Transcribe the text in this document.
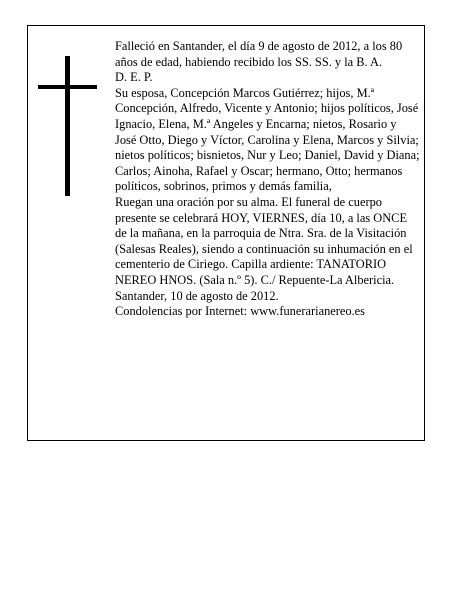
Falleció en Santander, el día 9 de agosto de 2012, a los 80 años de edad, habiendo recibido los SS. SS. y la B. A.

D. E. P.

Su esposa, Concepción Marcos Gutiérrez; hijos, M.ª Concepción, Alfredo, Vicente y Antonio; hijos políticos, José Ignacio, Elena, M.ª Angeles y Encarna; nietos, Rosario y José Otto, Diego y Víctor, Carolina y Elena, Marcos y Silvia; nietos políticos; bisnietos, Nur y Leo; Daniel, David y Diana; Carlos; Ainoha, Rafael y Oscar; hermano, Otto; hermanos políticos, sobrinos, primos y demás familia,

Ruegan una oración por su alma. El funeral de cuerpo presente se celebrará HOY, VIERNES, día 10, a las ONCE de la mañana, en la parroquia de Ntra. Sra. de la Visitación (Salesas Reales), siendo a continuación su inhumación en el cementerio de Ciriego. Capilla ardiente: TANATORIO NEREO HNOS. (Sala n.º 5). C./ Repuente-La Albericia.

Santander, 10 de agosto de 2012.

Condolencias por Internet: www.funerarianereo.es
